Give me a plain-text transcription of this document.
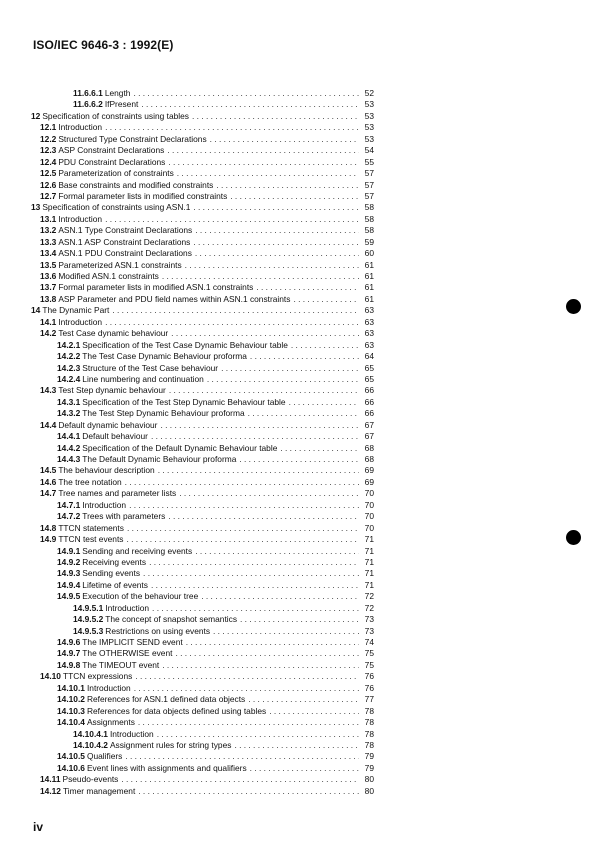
ISO/IEC 9646-3 : 1992(E)
11.6.6.1 Length . . .	52
11.6.6.2 IfPresent . . .	53
12 Specification of constraints using tables . . .	53
12.1 Introduction . . .	53
12.2 Structured Type Constraint Declarations . . .	53
12.3 ASP Constraint Declarations . . .	54
12.4 PDU Constraint Declarations . . .	55
12.5 Parameterization of constraints . . .	57
12.6 Base constraints and modified constraints . . .	57
12.7 Formal parameter lists in modified constraints . . .	57
13 Specification of constraints using ASN.1 . . .	58
13.1 Introduction . . .	58
13.2 ASN.1 Type Constraint Declarations . . .	58
13.3 ASN.1 ASP Constraint Declarations . . .	59
13.4 ASN.1 PDU Constraint Declarations . . .	60
13.5 Parameterized ASN.1 constraints . . .	61
13.6 Modified ASN.1 constraints . . .	61
13.7 Formal parameter lists in modified ASN.1 constraints . . .	61
13.8 ASP Parameter and PDU field names within ASN.1 constraints . . .	61
14 The Dynamic Part . . .	63
14.1 Introduction . . .	63
14.2 Test Case dynamic behaviour . . .	63
14.2.1 Specification of the Test Case Dynamic Behaviour table . . .	63
14.2.2 The Test Case Dynamic Behaviour proforma . . .	64
14.2.3 Structure of the Test Case behaviour . . .	65
14.2.4 Line numbering and continuation . . .	65
14.3 Test Step dynamic behaviour . . .	66
14.3.1 Specification of the Test Step Dynamic Behaviour table . . .	66
14.3.2 The Test Step Dynamic Behaviour proforma . . .	66
14.4 Default dynamic behaviour . . .	67
14.4.1 Default behaviour . . .	67
14.4.2 Specification of the Default Dynamic Behaviour table . . .	68
14.4.3 The Default Dynamic Behaviour proforma . . .	68
14.5 The behaviour description . . .	69
14.6 The tree notation . . .	69
14.7 Tree names and parameter lists . . .	70
14.7.1 Introduction . . .	70
14.7.2 Trees with parameters . . .	70
14.8 TTCN statements . . .	70
14.9 TTCN test events . . .	71
14.9.1 Sending and receiving events . . .	71
14.9.2 Receiving events . . .	71
14.9.3 Sending events . . .	71
14.9.4 Lifetime of events . . .	71
14.9.5 Execution of the behaviour tree . . .	72
14.9.5.1 Introduction . . .	72
14.9.5.2 The concept of snapshot semantics . . .	73
14.9.5.3 Restrictions on using events . . .	73
14.9.6 The IMPLICIT SEND event . . .	74
14.9.7 The OTHERWISE event . . .	75
14.9.8 The TIMEOUT event . . .	75
14.10 TTCN expressions . . .	76
14.10.1 Introduction . . .	76
14.10.2 References for ASN.1 defined data objects . . .	77
14.10.3 References for data objects defined using tables . . .	78
14.10.4 Assignments . . .	78
14.10.4.1 Introduction . . .	78
14.10.4.2 Assignment rules for string types . . .	78
14.10.5 Qualifiers . . .	79
14.10.6 Event lines with assignments and qualifiers . . .	79
14.11 Pseudo-events . . .	80
14.12 Timer management . . .	80
iv
